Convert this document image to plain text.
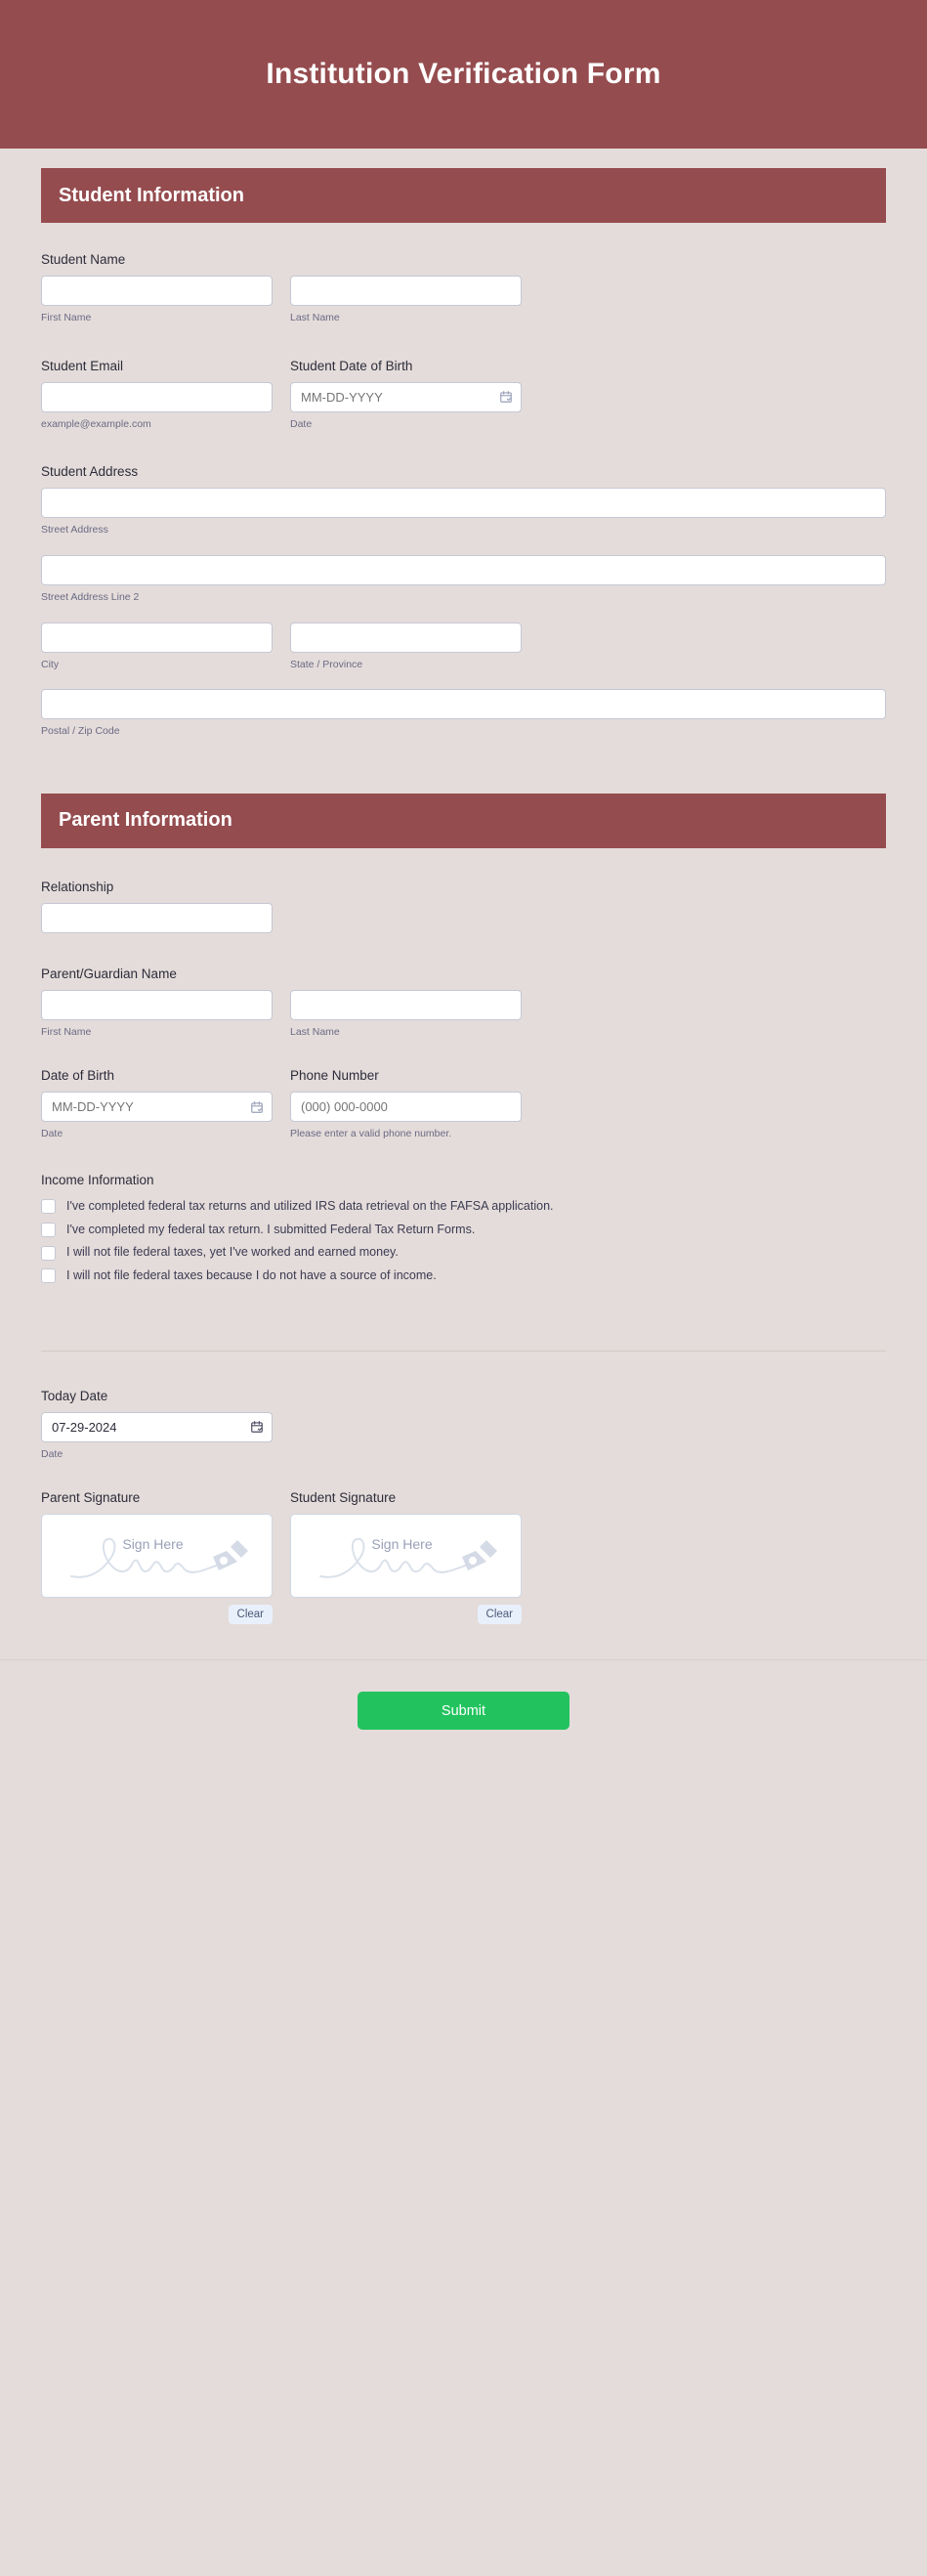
Institution Verification Form
Student Information
Student Name
First Name	Last Name
Student Email
example@example.com
Student Date of Birth
MM-DD-YYYY
Date
Student Address
Street Address
Street Address Line 2
City	State / Province
Postal / Zip Code
Parent Information
Relationship
Parent/Guardian Name
First Name	Last Name
Date of Birth
MM-DD-YYYY
Date
Phone Number
(000) 000-0000
Please enter a valid phone number.
Income Information
I've completed federal tax returns and utilized IRS data retrieval on the FAFSA application.
I've completed my federal tax return. I submitted Federal Tax Return Forms.
I will not file federal taxes, yet I've worked and earned money.
I will not file federal taxes because I do not have a source of income.
Today Date
07-29-2024
Date
Parent Signature
Sign Here
Clear
Student Signature
Sign Here
Clear
Submit
